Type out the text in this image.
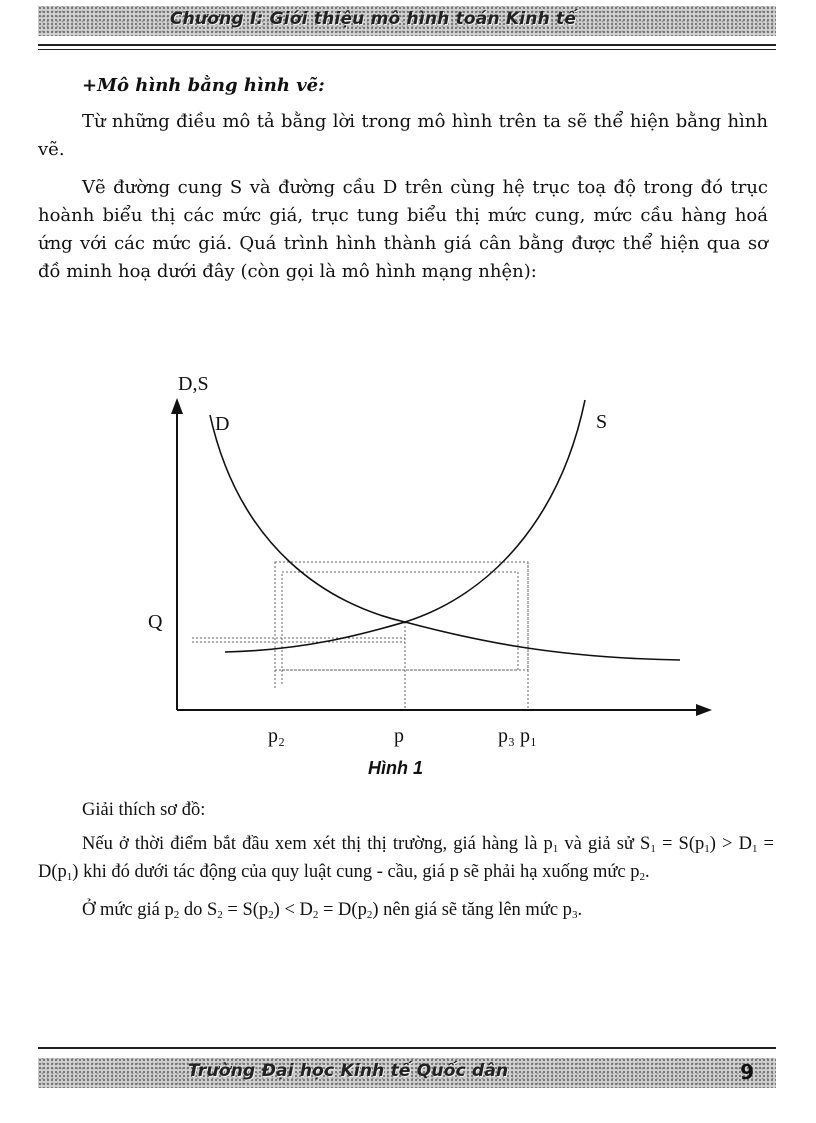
Chương I: Giới thiệu mô hình toán Kinh tế

+Mô hình bằng hình vẽ:

Từ những điều mô tả bằng lời trong mô hình trên ta sẽ thể hiện bằng hình vẽ.

Vẽ đường cung S và đường cầu D trên cùng hệ trục toạ độ trong đó trục hoành biểu thị các mức giá, trục tung biểu thị mức cung, mức cầu hàng hoá ứng với các mức giá. Quá trình hình thành giá cân bằng được thể hiện qua sơ đồ minh hoạ dưới đây (còn gọi là mô hình mạng nhện):

D,S
D	S
Q
p₂	p	p₃ p₁
Hình 1

Giải thích sơ đồ:

Nếu ở thời điểm bắt đầu xem xét thị thị trường, giá hàng là $p_1$ và giả sử $S_1 = S(p_1) > D_1 = D(p_1)$ khi đó dưới tác động của quy luật cung - cầu, giá p sẽ phải hạ xuống mức $p_2$.

Ở mức giá $p_2$ do $S_2 = S(p_2) < D_2 = D(p_2)$ nên giá sẽ tăng lên mức $p_3$.

Trường Đại học Kinh tế Quốc dân	9
